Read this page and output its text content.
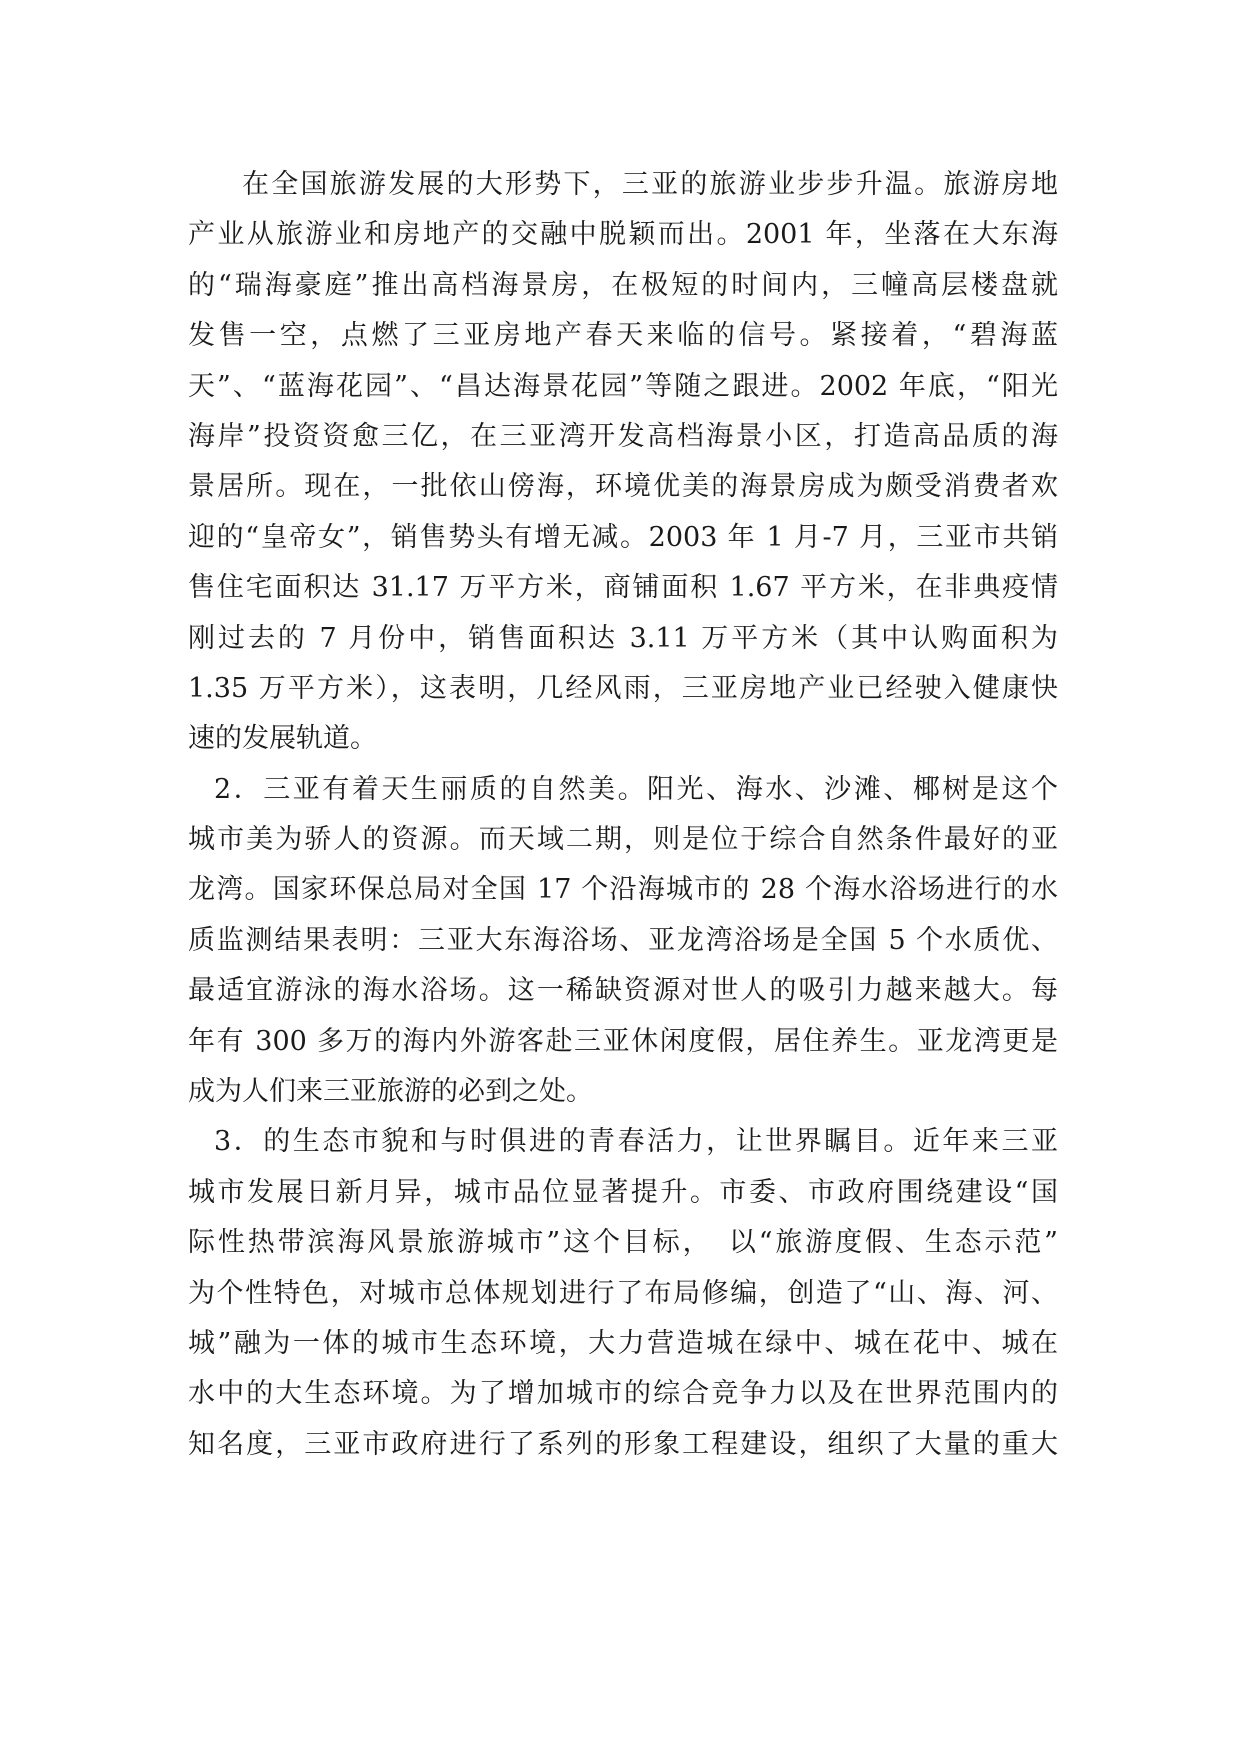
在全国旅游发展的大形势下，三亚的旅游业步步升温。旅游房地
产业从旅游业和房地产的交融中脱颖而出。2001 年，坐落在大东海
的“瑞海豪庭”推出高档海景房，在极短的时间内，三幢高层楼盘就
发售一空，点燃了三亚房地产春天来临的信号。紧接着，“碧海蓝
天”、“蓝海花园”、“昌达海景花园”等随之跟进。2002 年底，“阳光
海岸”投资资愈三亿，在三亚湾开发高档海景小区，打造高品质的海
景居所。现在，一批依山傍海，环境优美的海景房成为颇受消费者欢
迎的“皇帝女”，销售势头有增无减。2003 年 1 月-7 月，三亚市共销
售住宅面积达 31.17 万平方米，商铺面积 1.67 平方米，在非典疫情
刚过去的 7 月份中，销售面积达 3.11 万平方米（其中认购面积为
1.35 万平方米），这表明，几经风雨，三亚房地产业已经驶入健康快
速的发展轨道。
2．三亚有着天生丽质的自然美。阳光、海水、沙滩、椰树是这个
城市美为骄人的资源。而天域二期，则是位于综合自然条件最好的亚
龙湾。国家环保总局对全国 17 个沿海城市的 28 个海水浴场进行的水
质监测结果表明：三亚大东海浴场、亚龙湾浴场是全国 5 个水质优、
最适宜游泳的海水浴场。这一稀缺资源对世人的吸引力越来越大。每
年有 300 多万的海内外游客赴三亚休闲度假，居住养生。亚龙湾更是
成为人们来三亚旅游的必到之处。
3．的生态市貌和与时俱进的青春活力，让世界瞩目。近年来三亚
城市发展日新月异，城市品位显著提升。市委、市政府围绕建设“国
际性热带滨海风景旅游城市”这个目标，　以“旅游度假、生态示范”
为个性特色，对城市总体规划进行了布局修编，创造了“山、海、河、
城”融为一体的城市生态环境，大力营造城在绿中、城在花中、城在
水中的大生态环境。为了增加城市的综合竞争力以及在世界范围内的
知名度，三亚市政府进行了系列的形象工程建设，组织了大量的重大
